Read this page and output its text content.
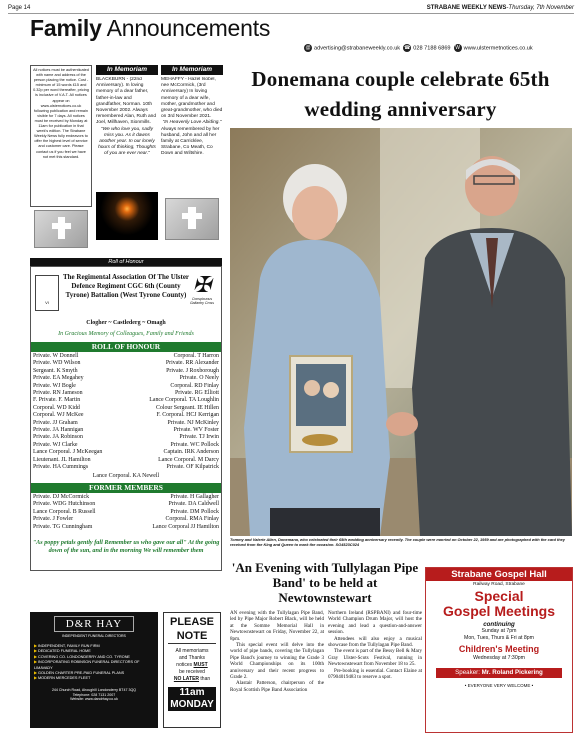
Page 14	STRABANE WEEKLY NEWS-Thursday, 7th November
Family Announcements
@ advertising@strabaneweekly.co.uk ☎ 028 7188 6869 W www.ulstermetnotices.co.uk
All notices must be authenticated with name and address of the person placing the notice. Cost - minimum of 15 words £15 and 0.32p per word thereafter, pricing is inclusive of V.A.T. All notices appear on www.ulsternotices.co.uk following publication and remain visible for 7 days. All notices must be received by Monday at 11am for publication in that week's edition. The Strabane Weekly News fully endeavors to offer the highest level of service and customer care. Please contact us if you feel we have not met this standard.
In Memoriam
BLACKBURN - (22nd Anniversary). In loving memory of a dear father, father-in-law and grandfather, Norman. 10th November 2002. Always remembered Alan, Ruth and Joel, Millhaven, Sionmills.
"We who love you, sadly miss you. As it dawns another year. In our lonely hours of thinking, Thoughts of you are ever near."
In Memoriam
MEHAFFY - Hazel Isobel, nee McCormick, (3rd Anniversary) In loving memory of a dear wife, mother, grandmother and great-grandmother, who died on 3rd November 2021.
"In Heavenly Love Abiding."
Always remembered by her husband, John and all her family at Carricklee, Strabane, Co Meath, Co Down and Wiltshire.
Roll of Honour
VI
The Regimental Association Of The Ulster Defence Regiment CGC 6th (County Tyrone) Battalion (West Tyrone County) ✠
Conspicuous Gallantry Cross
Clogher ~ Castlederg ~ Omagh
In Gracious Memory of Colleagues, Family and Friends
ROLL OF HONOUR
Private. W Donnell	Corporal. T Harron
Private. WD Wilson	Private. RR Alexander
Sergeant. K Smyth	Private. J Roxborough
Private. EA Megahey	Private. O Neely
Private. WJ Bogle	Corporal. RD Finlay
Private. RN Jameson	Private. RG Elliott
F. Private. F. Martin	Lance Corporal. TA Loughlin
Corporal. WD Kidd	Colour Sergeant. IE Hillen
Corporal. WJ McKee	F. Corporal. HCJ Kerrigan
Private. JJ Graham	Private. NJ McKinley
Private. JA Hannigan	Private. WV Foster
Private. JA Robinson	Private. TJ Irwin
Private. WJ Clarke	Private. WC Pollock
Lance Corporal. J McKeegan	Captain. IRK Anderson
Lieutenant. JL Hamilton	Lance Corporal. M Darcy
Private. HA Cummings	Private. OF Kilpatrick
Lance Corporal. KA Newell
FORMER MEMBERS
Private. DJ McCormick	Private. H Gallagher
Private. WDG Hutchinson	Private. DA Caldwell
Lance Corporal. B Russell	Private. DM Pollock
Private. J Fowler	Corporal. RMA Finlay
Private. TG Cunningham	Lance Corporal JJ Hamilton
"As poppy petals gently fall Remember us who gave our all" At the going down of the sun, and in the morning We will remember them
D&R HAY
INDEPENDENT FUNERAL DIRECTORS
▶ INDEPENDENT, FAMILY RUN FIRM
▶ DEDICATED FUNERAL HOME
▶ COVERING CO. LONDONDERRY AND CO. TYRONE
▶ INCORPORATING ROBINSON FUNERAL DIRECTORS OF LIMAVADY
▶ GOLDEN CHARTER PRE-PAID FUNERAL PLANS
▶ MODERN MERCEDES FLEET
244 Church Road, Ahoughill Londonderry BT47 3QQ
Telephone: 028 7131 2007
Website: www.dandrhay.co.uk
PLEASE NOTE
All memoriams
and Thanks
notices MUST
be received
NO LATER than
11am MONDAY
Donemana couple celebrate 65th wedding anniversary
Tommy and Valerie Allen, Donemana, who celebrated their 65th wedding anniversary recently. The couple were married on October 22, 1959 and are photographed with the card they received from the King and Queen to mark the occasion. SG4523C024
'An Evening with Tullylagan Pipe Band' to be held at Newtownstewart

AN evening with the Tullylagan Pipe Band, led by Pipe Major Robert Black, will be held at the Somme Memorial Hall in Newtownstewart on Friday, November 22, at 8pm.

This special event will delve into the world of pipe bands, covering the Tullylagan Pipe Band's journey to winning the Grade 3 World Championships on its 100th anniversary and their recent progress to Grade 2.

Alastair Patterson, chairperson of the Royal Scottish Pipe Band Association

Northern Ireland (RSPBANI) and four-time World Champion Drum Major, will host the evening and lead a question-and-answer session.

Attendees will also enjoy a musical showcase from the Tullylagan Pipe Band.

The event is part of the Bessy Bell & Mary Gray Ulster-Scots Festival, running in Newtownstewart from November 18 to 25.

Pre-booking is essential. Contact Elaine at 07904019483 to reserve a spot.

Strabane Gospel Hall
Railway Road, Strabane
Special
Gospel Meetings
continuing
Sunday at 7pm
Mon, Tues, Thurs & Fri at 8pm
Children's Meeting
Wednesday at 7:30pm
Speaker: Mr. Roland Pickering
• EVERYONE VERY WELCOME •
